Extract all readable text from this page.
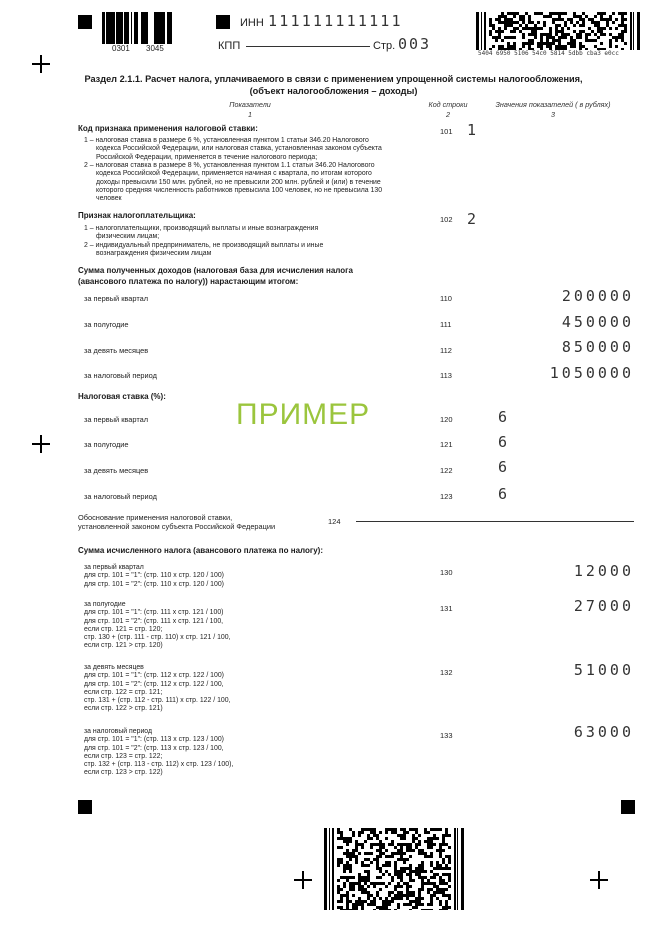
0301 3045
ИНН 111111111111
КПП	Стр. 003
5404 6950 5106 54c0 5814 5dbb cba3 e0cc
Раздел 2.1.1. Расчет налога, уплачиваемого в связи с применением упрощенной системы налогообложения,
(объект налогообложения – доходы)
Показатели
1
Код строки
2
Значения показателей ( в рублях)
3
Код признака применения налоговой ставки:
1 – налоговая ставка в размере 6 %, установленная пунктом 1 статьи 346.20 Налогового
кодекса Российской Федерации, или налоговая ставка, установленная законом субъекта
Российской Федерации, применяется в течение налогового периода;
2 – налоговая ставка в размере 8 %, установленная пунктом 1.1 статьи 346.20 Налогового
кодекса Российской Федерации, применяется начиная с квартала, по итогам которого
доходы превысили 150 млн. рублей, но не превысили 200 млн. рублей и (или) в течение
которого средняя численность работников превысила 100 человек, но не превысила 130
человек
101 1
Признак налогоплательщика:
1 – налогоплательщики, производящий выплаты и иные вознаграждения
физическим лицам;
2 – индивидуальный предприниматель, не производящий выплаты и иные
вознаграждения физическим лицам
102 2
Сумма полученных доходов (налоговая база для исчисления налога
(авансового платежа по налогу)) нарастающим итогом:
за первый квартал	110	200000
за полугодие	111	450000
за девять месяцев	112	850000
за налоговый период	113	1050000
ПРИМЕР
Налоговая ставка (%):
за первый квартал	120	6
за полугодие	121	6
за девять месяцев	122	6
за налоговый период	123	6
Обоснование применения налоговой ставки,
установленной законом субъекта Российской Федерации
124
Сумма исчисленного налога (авансового платежа по налогу):
за первый квартал
для стр. 101 = "1": (стр. 110 х стр. 120 / 100)
для стр. 101 = "2": (стр. 110 х стр. 120 / 100)
130	12000
за полугодие
для стр. 101 = "1": (стр. 111 х стр. 121 / 100)
для стр. 101 = "2": (стр. 111 х стр. 121 / 100,
если стр. 121 = стр. 120;
стр. 130 + (стр. 111 - стр. 110) х стр. 121 / 100,
если стр. 121 > стр. 120)
131	27000
за девять месяцев
для стр. 101 = "1": (стр. 112 х стр. 122 / 100)
для стр. 101 = "2": (стр. 112 х стр. 122 / 100,
если стр. 122 = стр. 121;
стр. 131 + (стр. 112 - стр. 111) х стр. 122 / 100,
если стр. 122 > стр. 121)
132	51000
за налоговый период
для стр. 101 = "1": (стр. 113 х стр. 123 / 100)
для стр. 101 = "2": (стр. 113 х стр. 123 / 100,
если стр. 123 = стр. 122;
стр. 132 + (стр. 113 - стр. 112) х стр. 123 / 100),
если стр. 123 > стр. 122)
133	63000
